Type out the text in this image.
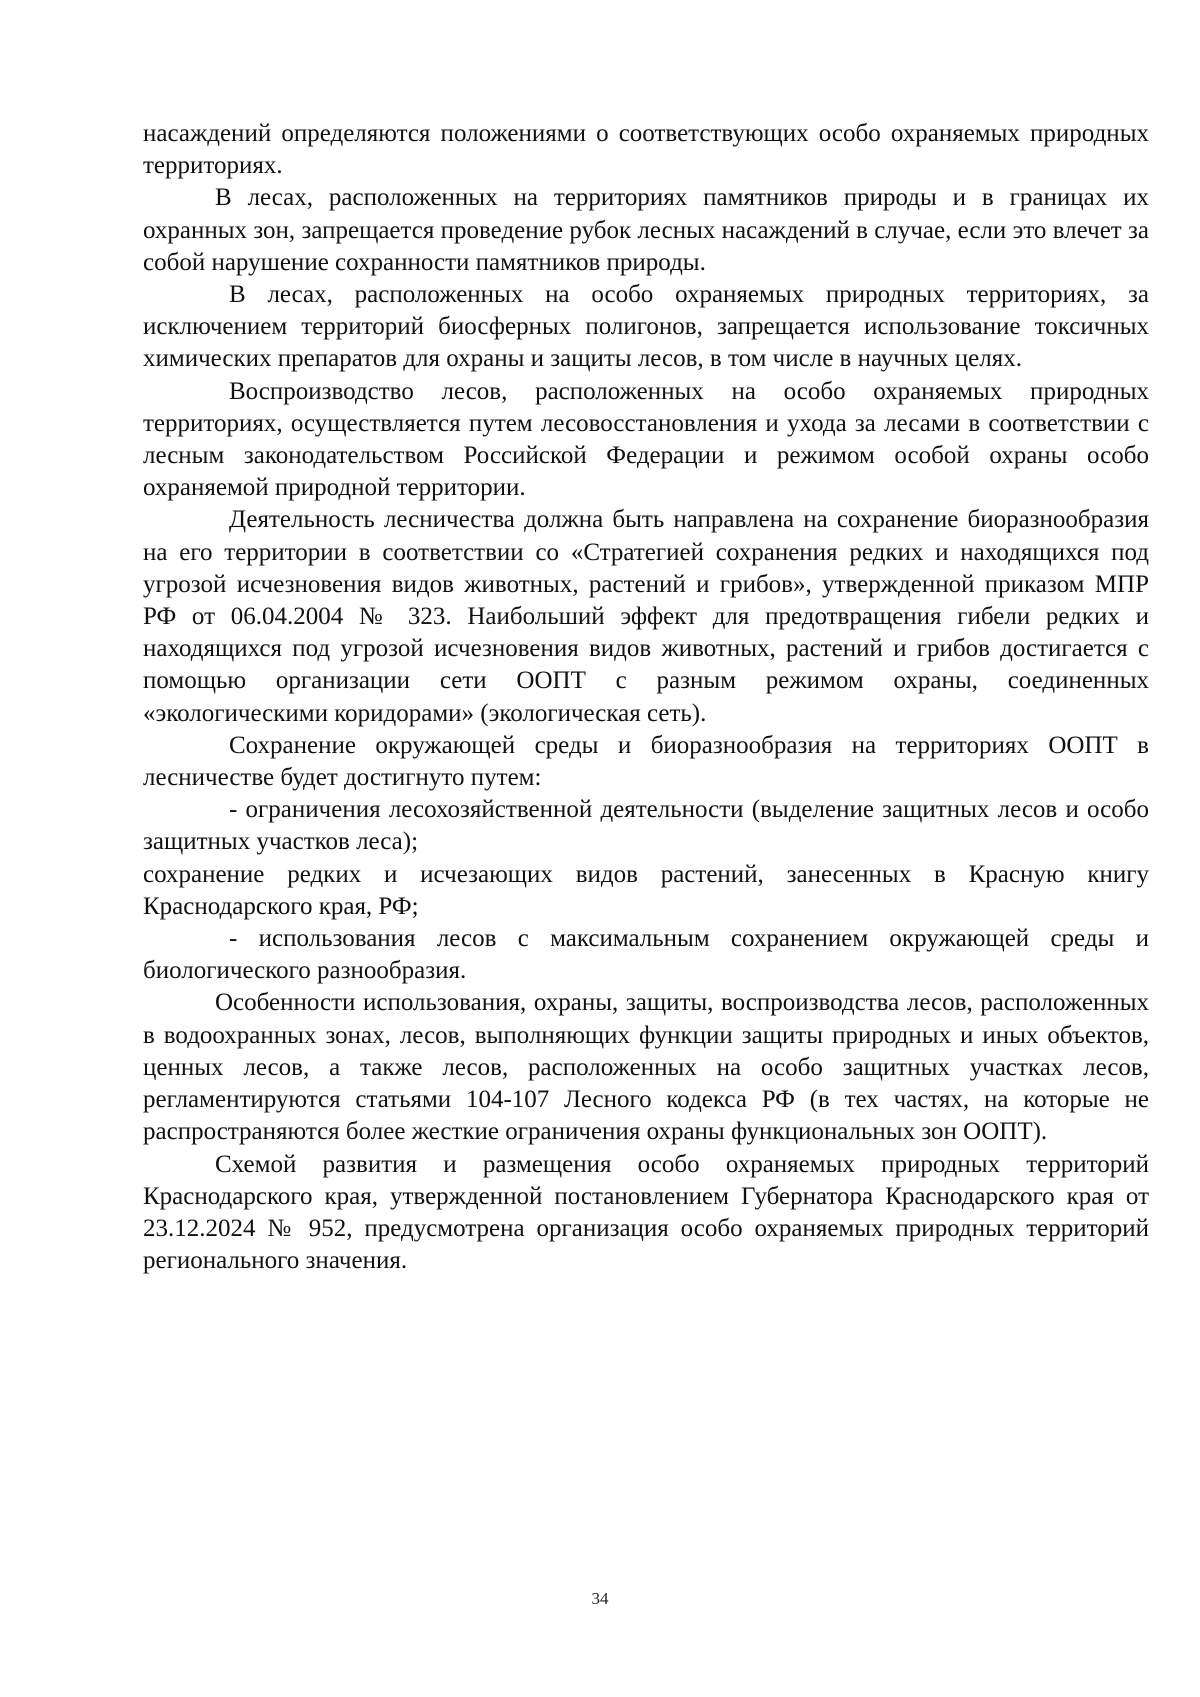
насаждений определяются положениями о соответствующих особо охраняемых природных территориях.

В лесах, расположенных на территориях памятников природы и в границах их охранных зон, запрещается проведение рубок лесных насаждений в случае, если это влечет за собой нарушение сохранности памятников природы.

В лесах, расположенных на особо охраняемых природных территориях, за исключением территорий биосферных полигонов, запрещается использование токсичных химических препаратов для охраны и защиты лесов, в том числе в научных целях.

Воспроизводство лесов, расположенных на особо охраняемых природных территориях, осуществляется путем лесовосстановления и ухода за лесами в соответствии с лесным законодательством Российской Федерации и режимом особой охраны особо охраняемой природной территории.

Деятельность лесничества должна быть направлена на сохранение биоразнообразия на его территории в соответствии со «Стратегией сохранения редких и находящихся под угрозой исчезновения видов животных, растений и грибов», утвержденной приказом МПР РФ от 06.04.2004 № 323. Наибольший эффект для предотвращения гибели редких и находящихся под угрозой исчезновения видов животных, растений и грибов достигается с помощью организации сети ООПТ с разным режимом охраны, соединенных «экологическими коридорами» (экологическая сеть).

Сохранение окружающей среды и биоразнообразия на территориях ООПТ в лесничестве будет достигнуто путем:

- ограничения лесохозяйственной деятельности (выделение защитных лесов и особо защитных участков леса);

сохранение редких и исчезающих видов растений, занесенных в Красную книгу Краснодарского края, РФ;

- использования лесов с максимальным сохранением окружающей среды и биологического разнообразия.

Особенности использования, охраны, защиты, воспроизводства лесов, расположенных в водоохранных зонах, лесов, выполняющих функции защиты природных и иных объектов, ценных лесов, а также лесов, расположенных на особо защитных участках лесов, регламентируются статьями 104-107 Лесного кодекса РФ (в тех частях, на которые не распространяются более жесткие ограничения охраны функциональных зон ООПТ).

Схемой развития и размещения особо охраняемых природных территорий Краснодарского края, утвержденной постановлением Губернатора Краснодарского края от 23.12.2024 № 952, предусмотрена организация особо охраняемых природных территорий регионального значения.

34
